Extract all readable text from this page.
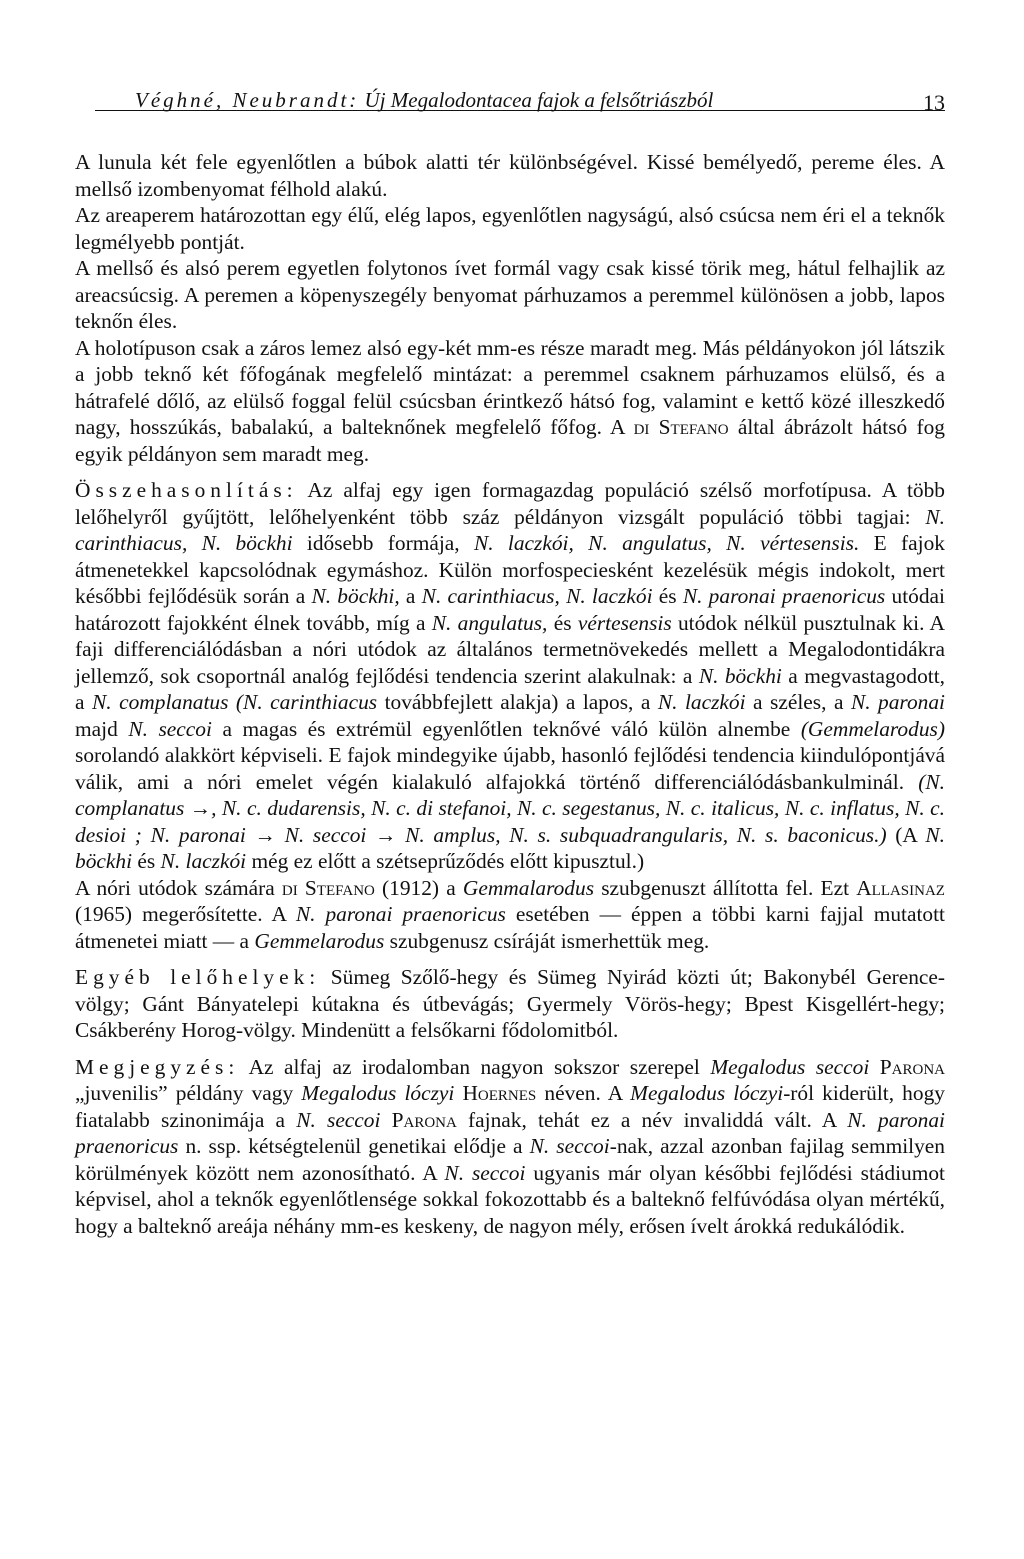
Véghné, Neubrandt: Új Megalodontacea fajok a felsőtriászból	13

A lunula két fele egyenlőtlen a búbok alatti tér különbségével. Kissé bemélyedő, pereme éles. A mellső izombenyomat félhold alakú.

Az areaperem határozottan egy élű, elég lapos, egyenlőtlen nagyságú, alsó csúcsa nem éri el a teknők legmélyebb pontját.

A mellső és alsó perem egyetlen folytonos ívet formál vagy csak kissé törik meg, hátul felhajlik az areacsúcsig. A peremen a köpenyszegély benyomat párhuzamos a peremmel különösen a jobb, lapos teknőn éles.

A holotípuson csak a záros lemez alsó egy-két mm-es része maradt meg. Más példányokon jól látszik a jobb teknő két főfogának megfelelő mintázat: a peremmel csaknem párhuzamos elülső, és a hátrafelé dőlő, az elülső foggal felül csúcsban érintkező hátsó fog, valamint e kettő közé illeszkedő nagy, hosszúkás, babalakú, a balteknőnek megfelelő főfog. A di Stefano által ábrázolt hátsó fog egyik példányon sem maradt meg.

Összehasonlítás: Az alfaj egy igen formagazdag populáció szélső morfotípusa. A több lelőhelyről gyűjtött, lelőhelyenként több száz példányon vizsgált populáció többi tagjai: N. carinthiacus, N. böckhi idősebb formája, N. laczkói, N. angulatus, N. vértesensis. E fajok átmenetekkel kapcsolódnak egymáshoz. Külön morfospeciesként kezelésük mégis indokolt, mert későbbi fejlődésük során a N. böckhi, a N. carinthiacus, N. laczkói és N. paronai praenoricus utódai határozott fajokként élnek tovább, míg a N. angulatus, és vértesensis utódok nélkül pusztulnak ki. A faji differenciálódásban a nóri utódok az általános termetnövekedés mellett a Megalodontidákra jellemző, sok csoportnál analóg fejlődési tendencia szerint alakulnak: a N. böckhi a megvastagodott, a N. complanatus (N. carinthiacus továbbfejlett alakja) a lapos, a N. laczkói a széles, a N. paronai majd N. seccoi a magas és extrémül egyenlőtlen teknővé váló külön alnembe (Gemmelarodus) sorolandó alakkört képviseli. E fajok mindegyike újabb, hasonló fejlődési tendencia kiindulópontjává válik, ami a nóri emelet végén kialakuló alfajokká történő differenciálódásbankulminál. (N. complanatus →, N. c. dudarensis, N. c. di stefanoi, N. c. segestanus, N. c. italicus, N. c. inflatus, N. c. desioi ; N. paronai → N. seccoi → N. amplus, N. s. subquadrangularis, N. s. baconicus.) (A N. böckhi és N. laczkói még ez előtt a szétseprűződés előtt kipusztul.)

A nóri utódok számára di Stefano (1912) a Gemmalarodus szubgenuszt állította fel. Ezt Allasinaz (1965) megerősítette. A N. paronai praenoricus esetében — éppen a többi karni fajjal mutatott átmenetei miatt — a Gemmelarodus szubgenusz csíráját ismerhettük meg.

Egyéb lelőhelyek: Sümeg Szőlő-hegy és Sümeg Nyirád közti út; Bakonybél Gerence-völgy; Gánt Bányatelepi kútakna és útbevágás; Gyermely Vörös-hegy; Bpest Kisgellért-hegy; Csákberény Horog-völgy. Mindenütt a felsőkarni fődolomitból.

Megjegyzés: Az alfaj az irodalomban nagyon sokszor szerepel Megalodus seccoi Parona „juvenilis” példány vagy Megalodus lóczyi Hoernes néven. A Megalodus lóczyi-ról kiderült, hogy fiatalabb szinonimája a N. seccoi Parona fajnak, tehát ez a név invaliddá vált. A N. paronai praenoricus n. ssp. kétségtelenül genetikai elődje a N. seccoi-nak, azzal azonban fajilag semmilyen körülmények között nem azonosítható. A N. seccoi ugyanis már olyan későbbi fejlődési stádiumot képvisel, ahol a teknők egyenlőtlensége sokkal fokozottabb és a balteknő felfúvódása olyan mértékű, hogy a balteknő areája néhány mm-es keskeny, de nagyon mély, erősen ívelt árokká redukálódik.
